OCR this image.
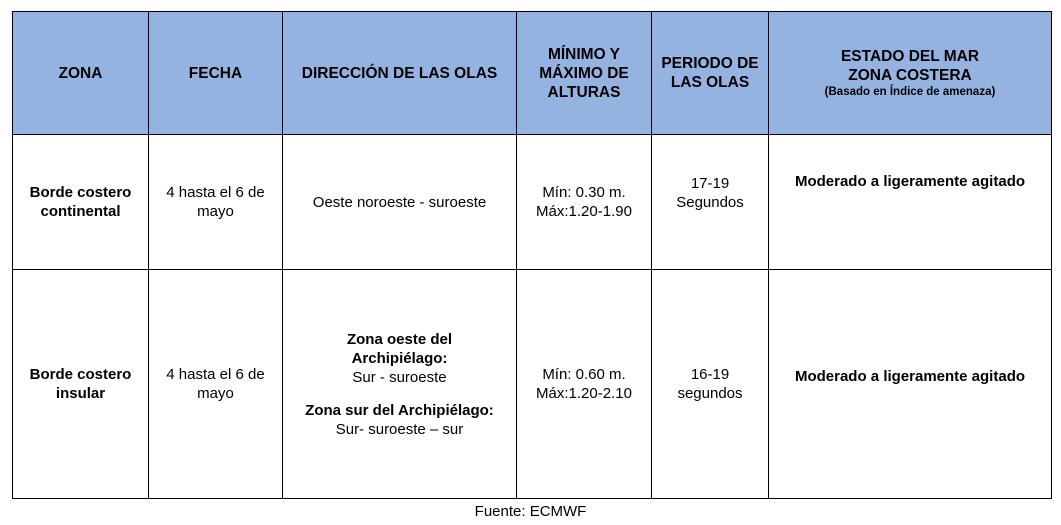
ZONA	FECHA	DIRECCIÓN DE LAS OLAS	MÍNIMO Y
MÁXIMO DE
ALTURAS	PERIODO DE
LAS OLAS	ESTADO DEL MAR
ZONA COSTERA
(Basado en Índice de amenaza)

Borde costero
continental	4 hasta el 6 de
mayo	Oeste noroeste - suroeste	Mín: 0.30 m.
Máx:1.20-1.90	17-19
Segundos	Moderado a ligeramente agitado

Borde costero
insular	4 hasta el 6 de
mayo	Zona oeste del
Archipiélago:
Sur - suroeste
Zona sur del Archipiélago:
Sur- suroeste – sur	Mín: 0.60 m.
Máx:1.20-2.10	16-19
segundos	Moderado a ligeramente agitado
Fuente: ECMWF
